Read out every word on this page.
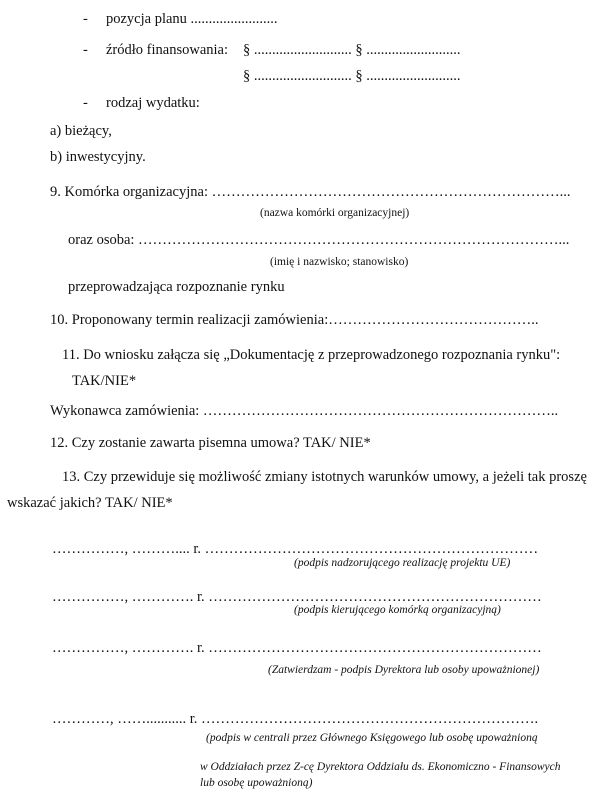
- pozycja planu ........................
- źródło finansowania: § ........................... § ..........................
§ ........................... § ..........................
- rodzaj wydatku:
a) bieżący,
b) inwestycyjny.
9. Komórka organizacyjna: ………………………………………………………………...
(nazwa komórki organizacyjnej)
oraz osoba: ……………………………………………………………………………...
(imię i nazwisko; stanowisko)
przeprowadzająca rozpoznanie rynku
10. Proponowany termin realizacji zamówienia:……………………………………..
11. Do wniosku załącza się „Dokumentację z przeprowadzonego rozpoznania rynku":
TAK/NIE*
Wykonawca zamówienia: ………………………………………………………………..
12. Czy zostanie zawarta pisemna umowa? TAK/ NIE*
13. Czy przewiduje się możliwość zmiany istotnych warunków umowy, a jeżeli tak proszę
wskazać jakich? TAK/ NIE*
……………, ……….... r. ……………………………………………………………
(podpis nadzorującego realizację projektu UE)
……………, …………. r. ……………………………………………………………
(podpis kierującego komórką organizacyjną)
……………, …………. r. ……………………………………………………………
(Zatwierdzam - podpis Dyrektora lub osoby upoważnionej)
…………, ……........... r. …………………………………………………………….
(podpis w centrali przez Głównego Księgowego lub osobę upoważnioną
w Oddziałach przez Z-cę Dyrektora Oddziału ds. Ekonomiczno - Finansowych
lub osobę upoważnioną)
